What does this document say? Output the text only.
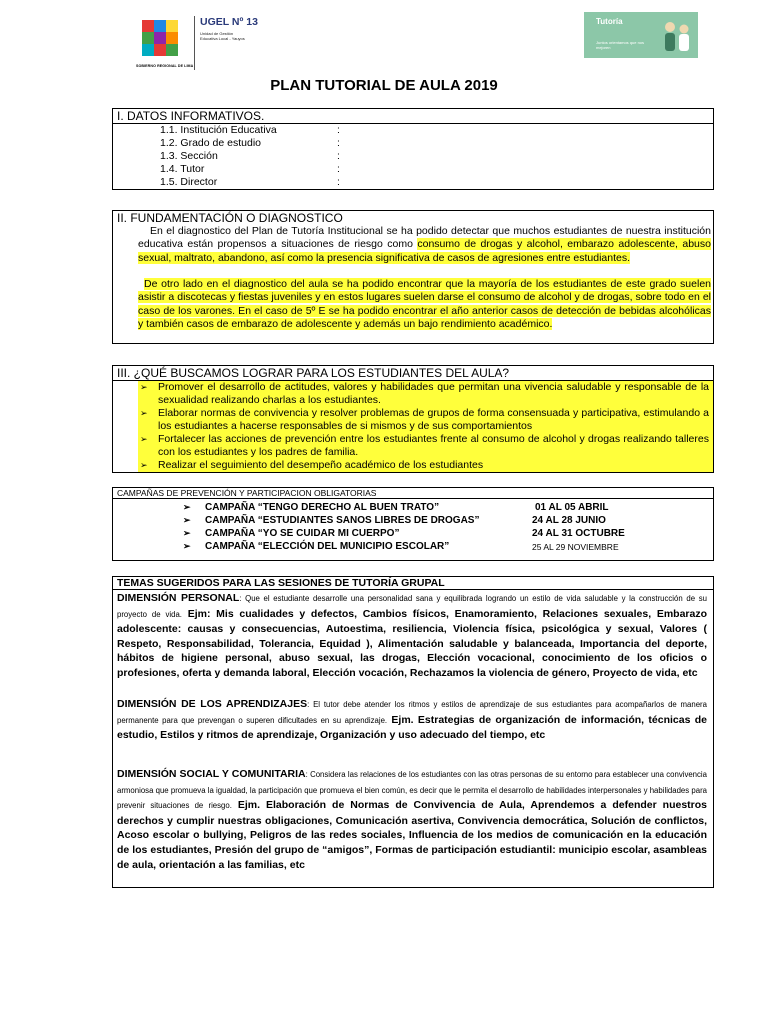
SOBIERNO REGIONAL DE LIMA
UGEL Nº 13
Unidad de Gestión
Educativa Local - Yauyos
Tutoría
Juntos orientamos que nos mejoren
PLAN TUTORIAL DE AULA 2019
I. DATOS INFORMATIVOS.
1.1. Institución Educativa	:
1.2. Grado de estudio	:
1.3. Sección	:
1.4. Tutor	:
1.5. Director	:
II. FUNDAMENTACIÓN O DIAGNOSTICO
En el diagnostico del Plan de Tutoría Institucional se ha podido detectar que muchos estudiantes de nuestra institución educativa están propensos a situaciones de riesgo como consumo de drogas y alcohol, embarazo adolescente, abuso sexual, maltrato, abandono, así como la presencia significativa de casos de agresiones entre estudiantes.
De otro lado en el diagnostico del aula se ha podido encontrar que la mayoría de los estudiantes de este grado suelen asistir a discotecas y fiestas juveniles y en estos lugares suelen darse el consumo de alcohol y de drogas, sobre todo en el caso de los varones. En el caso de 5º E se ha podido encontrar el año anterior casos de detección de bebidas alcohólicas y también casos de embarazo de adolescente y además un bajo rendimiento académico.
III. ¿QUÉ BUSCAMOS LOGRAR PARA LOS ESTUDIANTES DEL AULA?
➢ Promover el desarrollo de actitudes, valores y habilidades que permitan una vivencia saludable y responsable de la sexualidad realizando charlas a los estudiantes.
➢ Elaborar normas de convivencia y resolver problemas de grupos de forma consensuada y participativa, estimulando a los estudiantes a hacerse responsables de si mismos y de sus comportamientos
➢ Fortalecer las acciones de prevención entre los estudiantes frente al consumo de alcohol y drogas realizando talleres con los estudiantes y los padres de familia.
➢ Realizar el seguimiento del desempeño académico de los estudiantes
CAMPAÑAS DE PREVENCIÓN Y PARTICIPACION OBLIGATORIAS
➢ CAMPAÑA “TENGO DERECHO AL BUEN TRATO”	01 AL 05 ABRIL
➢ CAMPAÑA “ESTUDIANTES SANOS LIBRES DE DROGAS”	24 AL 28 JUNIO
➢ CAMPAÑA “YO SE CUIDAR MI CUERPO”	24 AL 31 OCTUBRE
➢ CAMPAÑA “ELECCIÓN DEL MUNICIPIO ESCOLAR”	25 AL 29 NOVIEMBRE
TEMAS SUGERIDOS PARA LAS SESIONES DE TUTORÍA GRUPAL
DIMENSIÓN PERSONAL: Que el estudiante desarrolle una personalidad sana y equilibrada logrando un estilo de vida saludable y la construcción de su proyecto de vida. Ejm: Mis cualidades y defectos, Cambios físicos, Enamoramiento, Relaciones sexuales, Embarazo adolescente: causas y consecuencias, Autoestima, resiliencia, Violencia física, psicológica y sexual, Valores ( Respeto, Responsabilidad, Tolerancia, Equidad ), Alimentación saludable y balanceada, Importancia del deporte, hábitos de higiene personal, abuso sexual, las drogas, Elección vocacional, conocimiento de los oficios o profesiones, oferta y demanda laboral, Elección vocación, Rechazamos la violencia de género, Proyecto de vida, etc
DIMENSIÓN DE LOS APRENDIZAJES: El tutor debe atender los ritmos y estilos de aprendizaje de sus estudiantes para acompañarlos de manera permanente para que prevengan o superen dificultades en su aprendizaje. Ejm. Estrategias de organización de información, técnicas de estudio, Estilos y ritmos de aprendizaje, Organización y uso adecuado del tiempo, etc
DIMENSIÓN SOCIAL Y COMUNITARIA: Considera las relaciones de los estudiantes con las otras personas de su entorno para establecer una convivencia armoniosa que promueva la igualdad, la participación que promueva el bien común, es decir que le permita el desarrollo de habilidades interpersonales y habilidades para prevenir situaciones de riesgo. Ejm. Elaboración de Normas de Convivencia de Aula, Aprendemos a defender nuestros derechos y cumplir nuestras obligaciones, Comunicación asertiva, Convivencia democrática, Solución de conflictos, Acoso escolar o bullying, Peligros de las redes sociales, Influencia de los medios de comunicación en la educación de los estudiantes, Presión del grupo de “amigos”, Formas de participación estudiantil: municipio escolar, asambleas de aula, orientación a las familias, etc
